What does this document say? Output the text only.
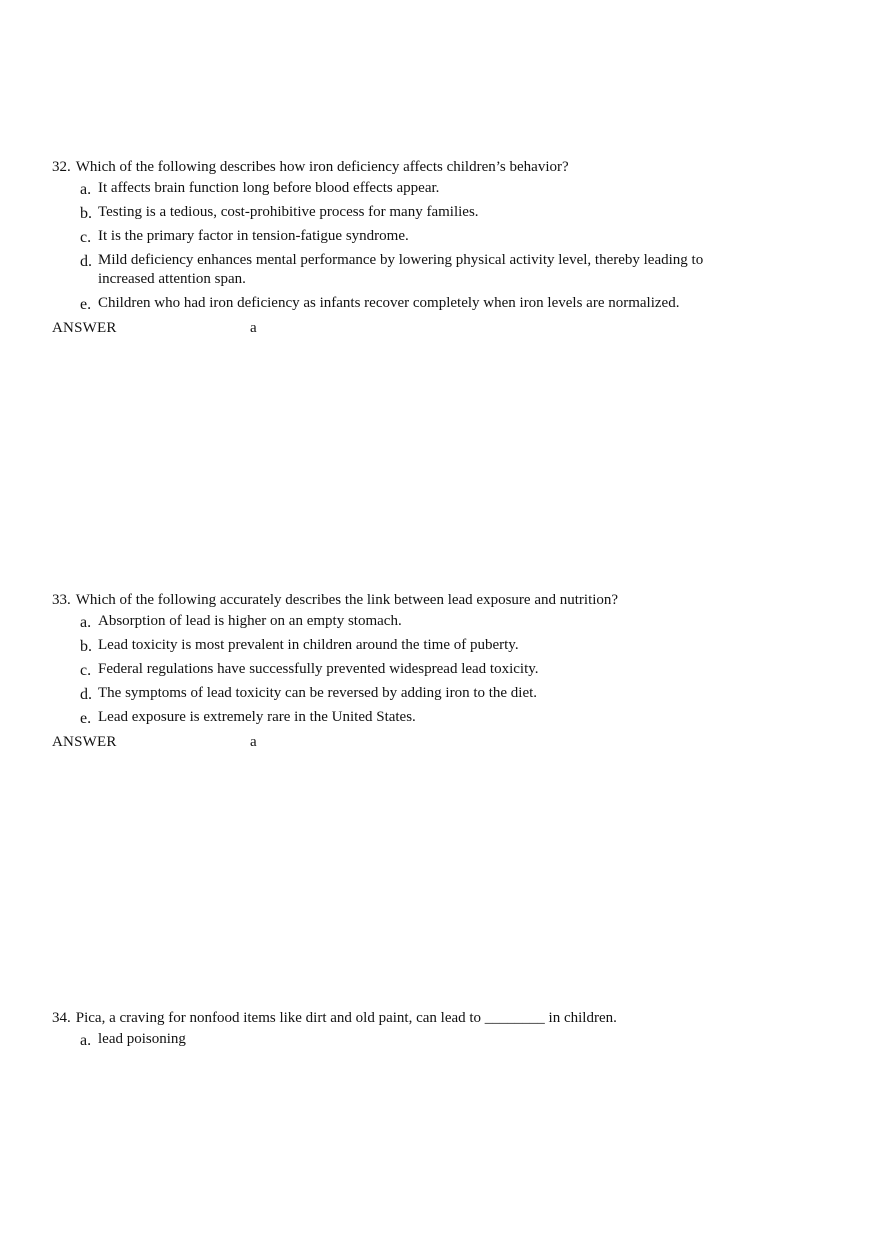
32. Which of the following describes how iron deficiency affects children’s behavior?

a. It affects brain function long before blood effects appear.
b. Testing is a tedious, cost-prohibitive process for many families.
c. It is the primary factor in tension-fatigue syndrome.
d. Mild deficiency enhances mental performance by lowering physical activity level, thereby leading to increased attention span.
e. Children who had iron deficiency as infants recover completely when iron levels are normalized.
ANSWER	a

33. Which of the following accurately describes the link between lead exposure and nutrition?

a. Absorption of lead is higher on an empty stomach.
b. Lead toxicity is most prevalent in children around the time of puberty.
c. Federal regulations have successfully prevented widespread lead toxicity.
d. The symptoms of lead toxicity can be reversed by adding iron to the diet.
e. Lead exposure is extremely rare in the United States.
ANSWER	a

34. Pica, a craving for nonfood items like dirt and old paint, can lead to ________ in children.

a. lead poisoning
